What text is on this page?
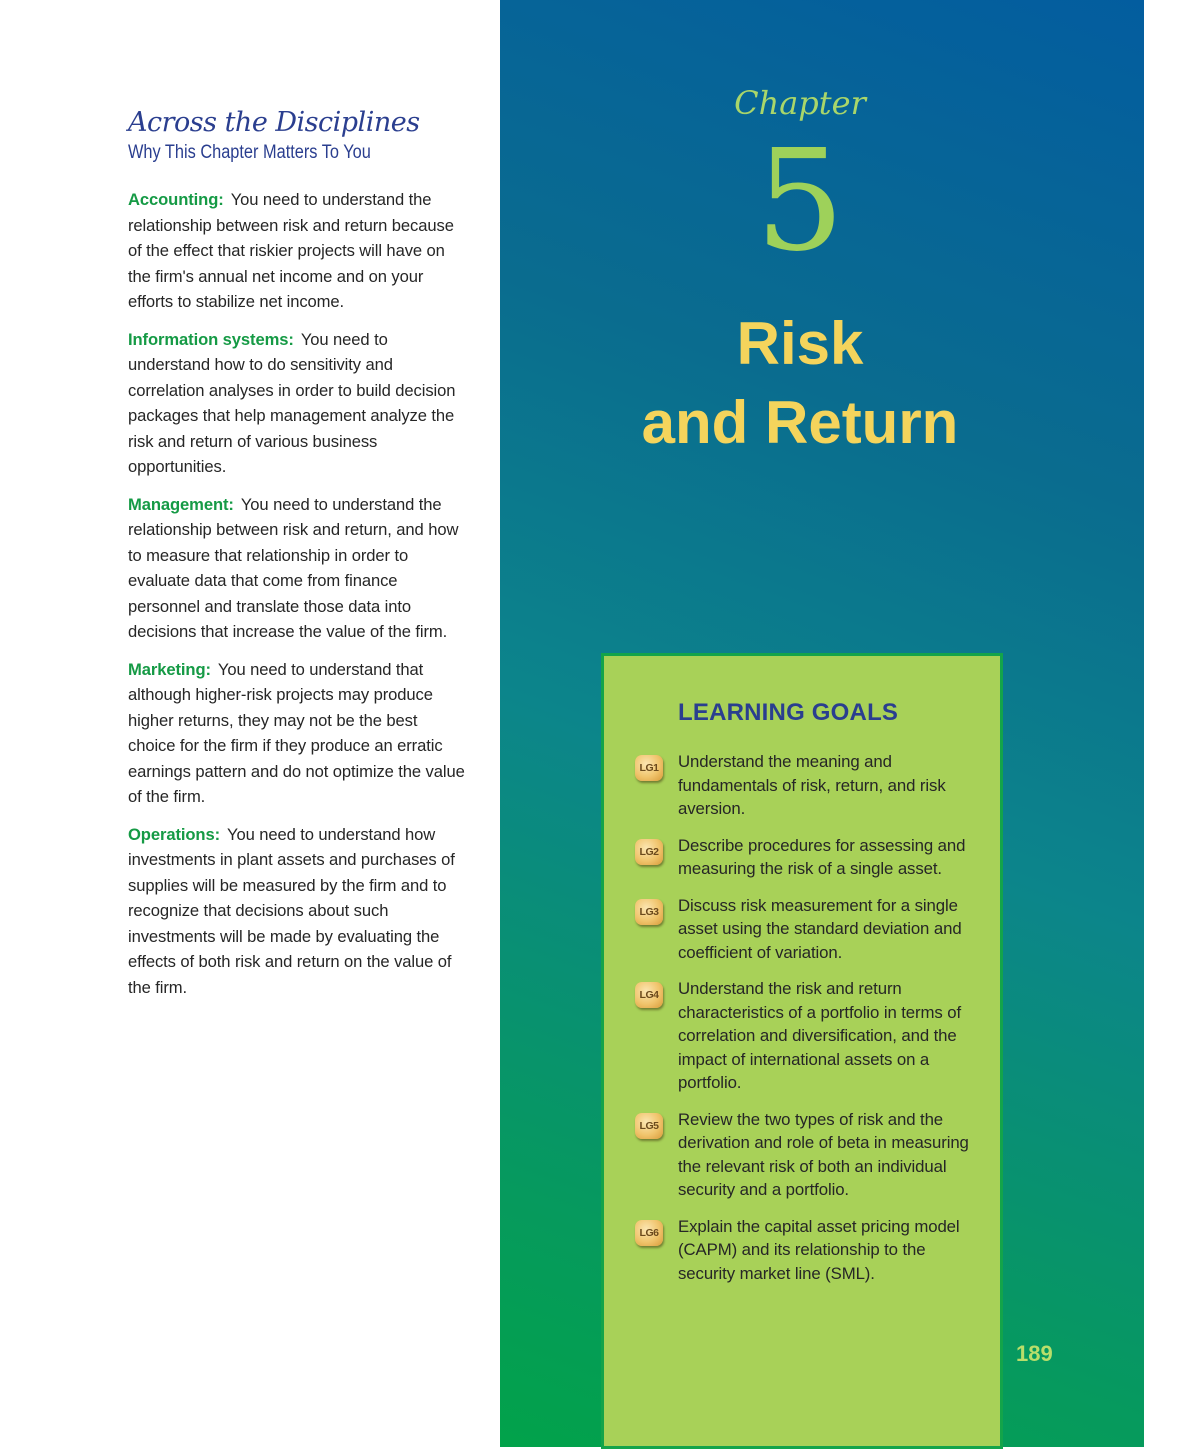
Across the Disciplines
Why This Chapter Matters To You
Accounting: You need to understand the relationship between risk and return because of the effect that riskier projects will have on the firm's annual net income and on your efforts to stabilize net income.
Information systems: You need to understand how to do sensitivity and correlation analyses in order to build decision packages that help management analyze the risk and return of various business opportunities.
Management: You need to understand the relationship between risk and return, and how to measure that relationship in order to evaluate data that come from finance personnel and translate those data into decisions that increase the value of the firm.
Marketing: You need to understand that although higher-risk projects may produce higher returns, they may not be the best choice for the firm if they produce an erratic earnings pattern and do not optimize the value of the firm.
Operations: You need to understand how investments in plant assets and purchases of supplies will be measured by the firm and to recognize that decisions about such investments will be made by evaluating the effects of both risk and return on the value of the firm.
Chapter
5
Risk
and Return
LEARNING GOALS
LG1 Understand the meaning and fundamentals of risk, return, and risk aversion.
LG2 Describe procedures for assessing and measuring the risk of a single asset.
LG3 Discuss risk measurement for a single asset using the standard deviation and coefficient of variation.
LG4 Understand the risk and return characteristics of a portfolio in terms of correlation and diversification, and the impact of international assets on a portfolio.
LG5 Review the two types of risk and the derivation and role of beta in measuring the relevant risk of both an individual security and a portfolio.
LG6 Explain the capital asset pricing model (CAPM) and its relationship to the security market line (SML).
189
